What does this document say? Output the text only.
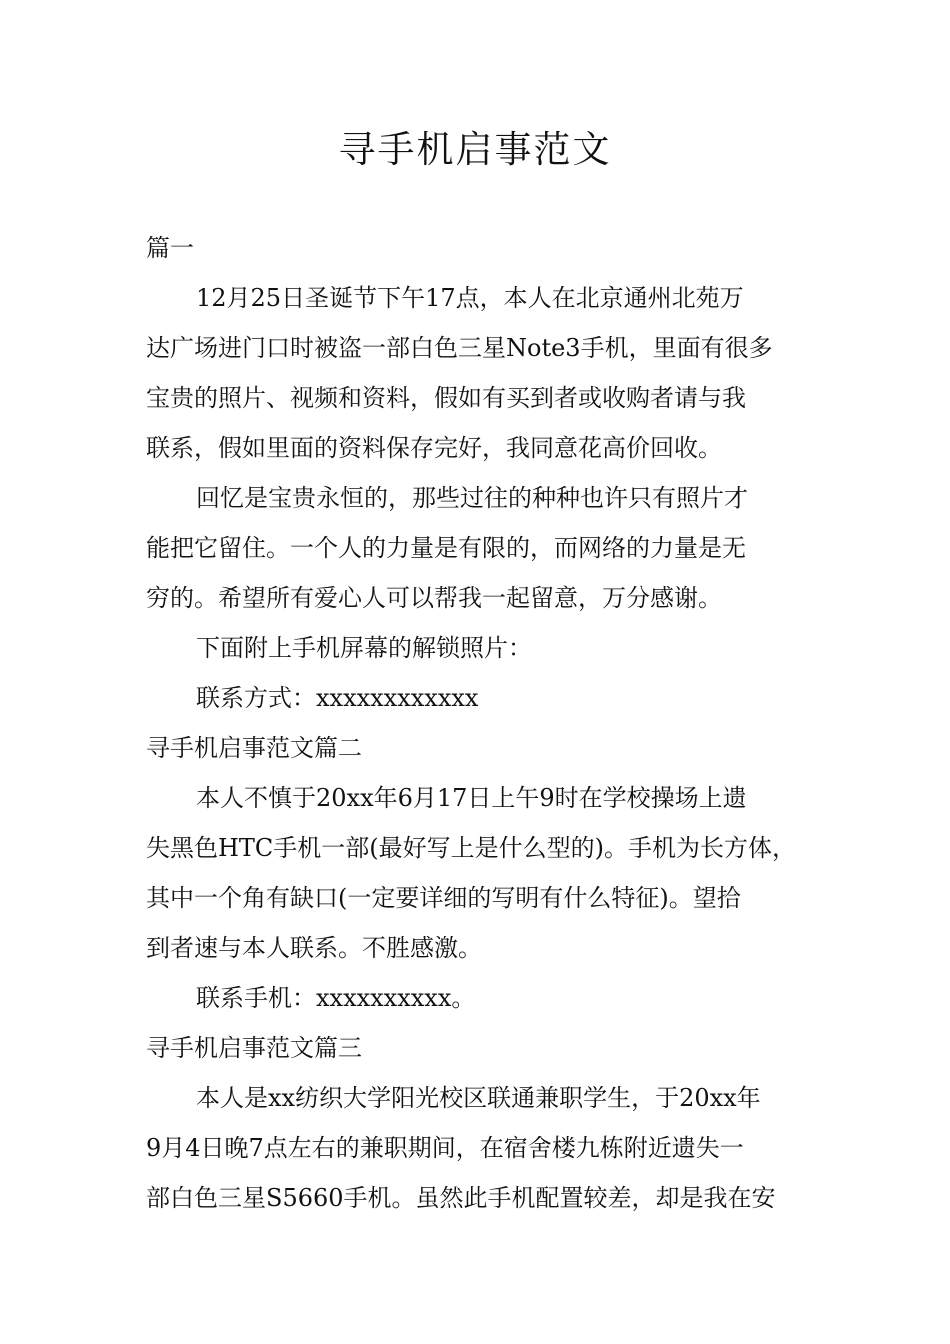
寻手机启事范文

篇一

12月25日圣诞节下午17点，本人在北京通州北苑万

达广场进门口时被盗一部白色三星Note3手机，里面有很多

宝贵的照片、视频和资料，假如有买到者或收购者请与我

联系，假如里面的资料保存完好，我同意花高价回收。

回忆是宝贵永恒的，那些过往的种种也许只有照片才

能把它留住。一个人的力量是有限的，而网络的力量是无

穷的。希望所有爱心人可以帮我一起留意，万分感谢。

下面附上手机屏幕的解锁照片：

联系方式：xxxxxxxxxxxx

寻手机启事范文篇二

本人不慎于20xx年6月17日上午9时在学校操场上遗

失黑色HTC手机一部(最好写上是什么型的)。手机为长方体，

其中一个角有缺口(一定要详细的写明有什么特征)。望拾

到者速与本人联系。不胜感激。

联系手机：xxxxxxxxxx。

寻手机启事范文篇三

本人是xx纺织大学阳光校区联通兼职学生，于20xx年

9月4日晚7点左右的兼职期间，在宿舍楼九栋附近遗失一

部白色三星S5660手机。虽然此手机配置较差，却是我在安
